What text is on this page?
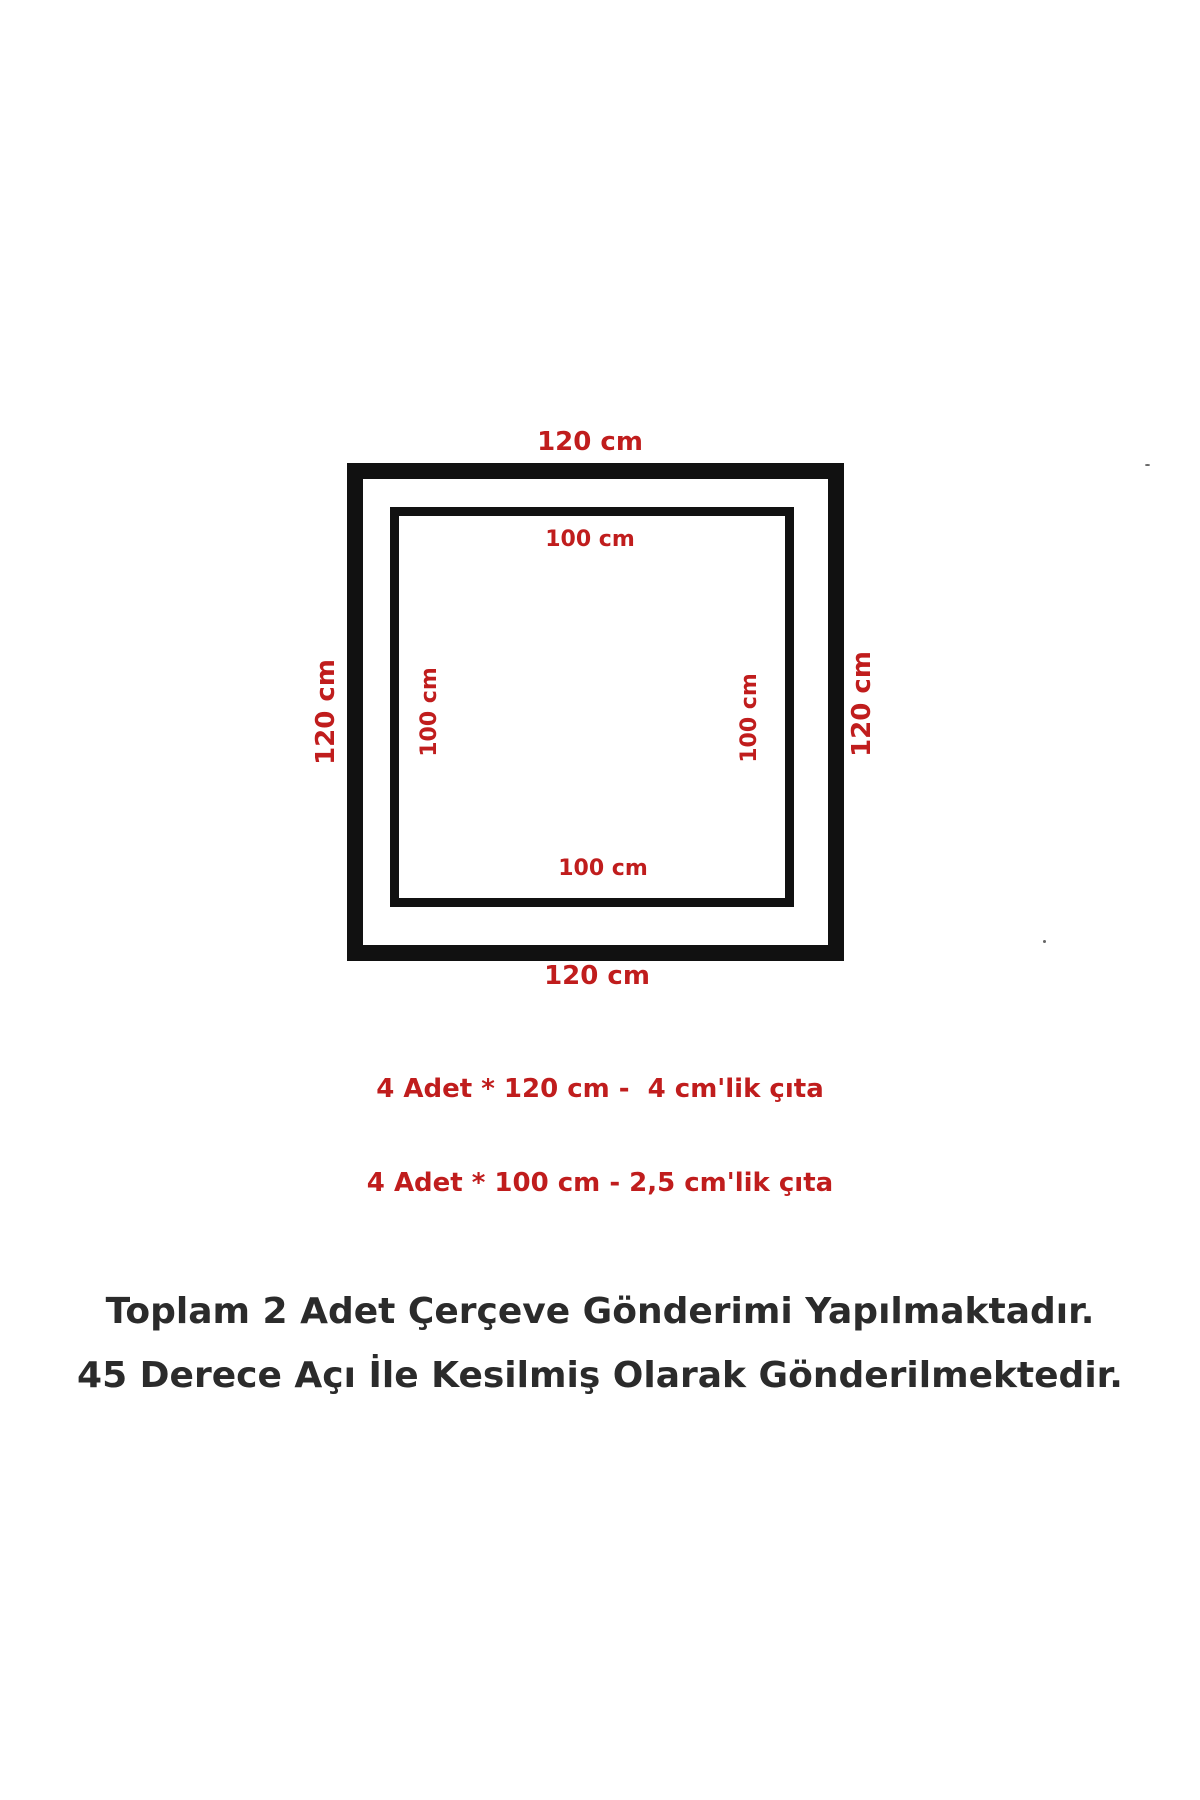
120 cm
120 cm
120 cm	120 cm
100 cm
100 cm
100 cm	100 cm
4 Adet * 120 cm -  4 cm'lik çıta
4 Adet * 100 cm - 2,5 cm'lik çıta
Toplam 2 Adet Çerçeve Gönderimi Yapılmaktadır.
45 Derece Açı İle Kesilmiş Olarak Gönderilmektedir.
